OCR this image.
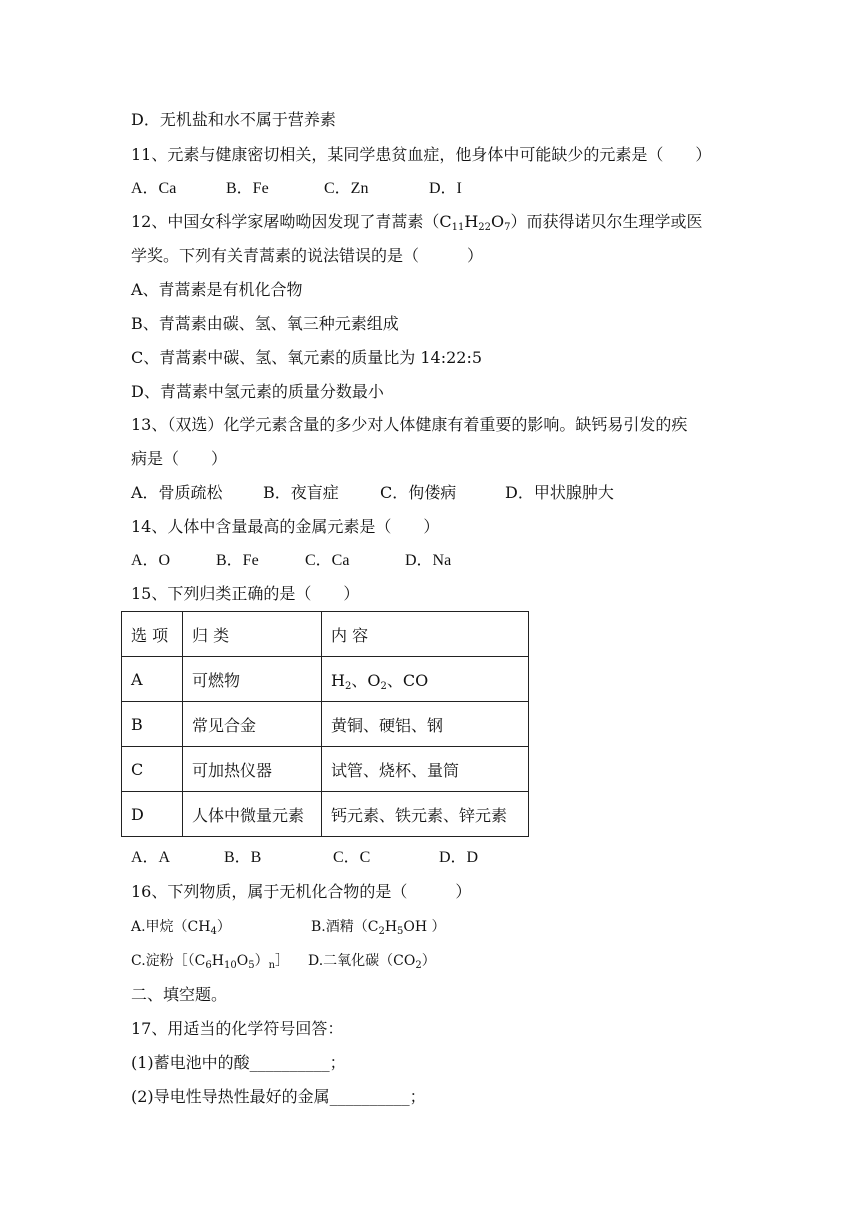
D．无机盐和水不属于营养素
11、元素与健康密切相关，某同学患贫血症，他身体中可能缺少的元素是（　　）
A．Ca	B．Fe	C．Zn	D．I
12、中国女科学家屠呦呦因发现了青蒿素$(C_{11}H_{22}O_7)$而获得诺贝尔生理学或医
学奖。下列有关青蒿素的说法错误的是（　　　）
A、青蒿素是有机化合物
B、青蒿素由碳、氢、氧三种元素组成
C、青蒿素中碳、氢、氧元素的质量比为 14:22:5
D、青蒿素中氢元素的质量分数最小
13、（双选）化学元素含量的多少对人体健康有着重要的影响。缺钙易引发的疾
病是（　　）
A．骨质疏松	B．夜盲症	C．佝偻病	D．甲状腺肿大
14、人体中含量最高的金属元素是（　　）
A．O	B．Fe	C．Ca	D．Na
15、下列归类正确的是（　　）
选 项	归 类	内 容
A	可燃物	$H_2$、$O_2$、CO
B	常见合金	黄铜、硬铝、钢
C	可加热仪器	试管、烧杯、量筒
D	人体中微量元素	钙元素、铁元素、锌元素
A．A	B．B	C．C	D．D
16、下列物质，属于无机化合物的是（　　　）
A.甲烷$(CH_4)$	B.酒精（$C_2H_5OH$ ）
C.淀粉$[(C_6H_{10}O_5)_n]$ D.二氧化碳$(CO_2)$
二、填空题。
17、用适当的化学符号回答：
(1)蓄电池中的酸__________；
(2)导电性导热性最好的金属__________；
